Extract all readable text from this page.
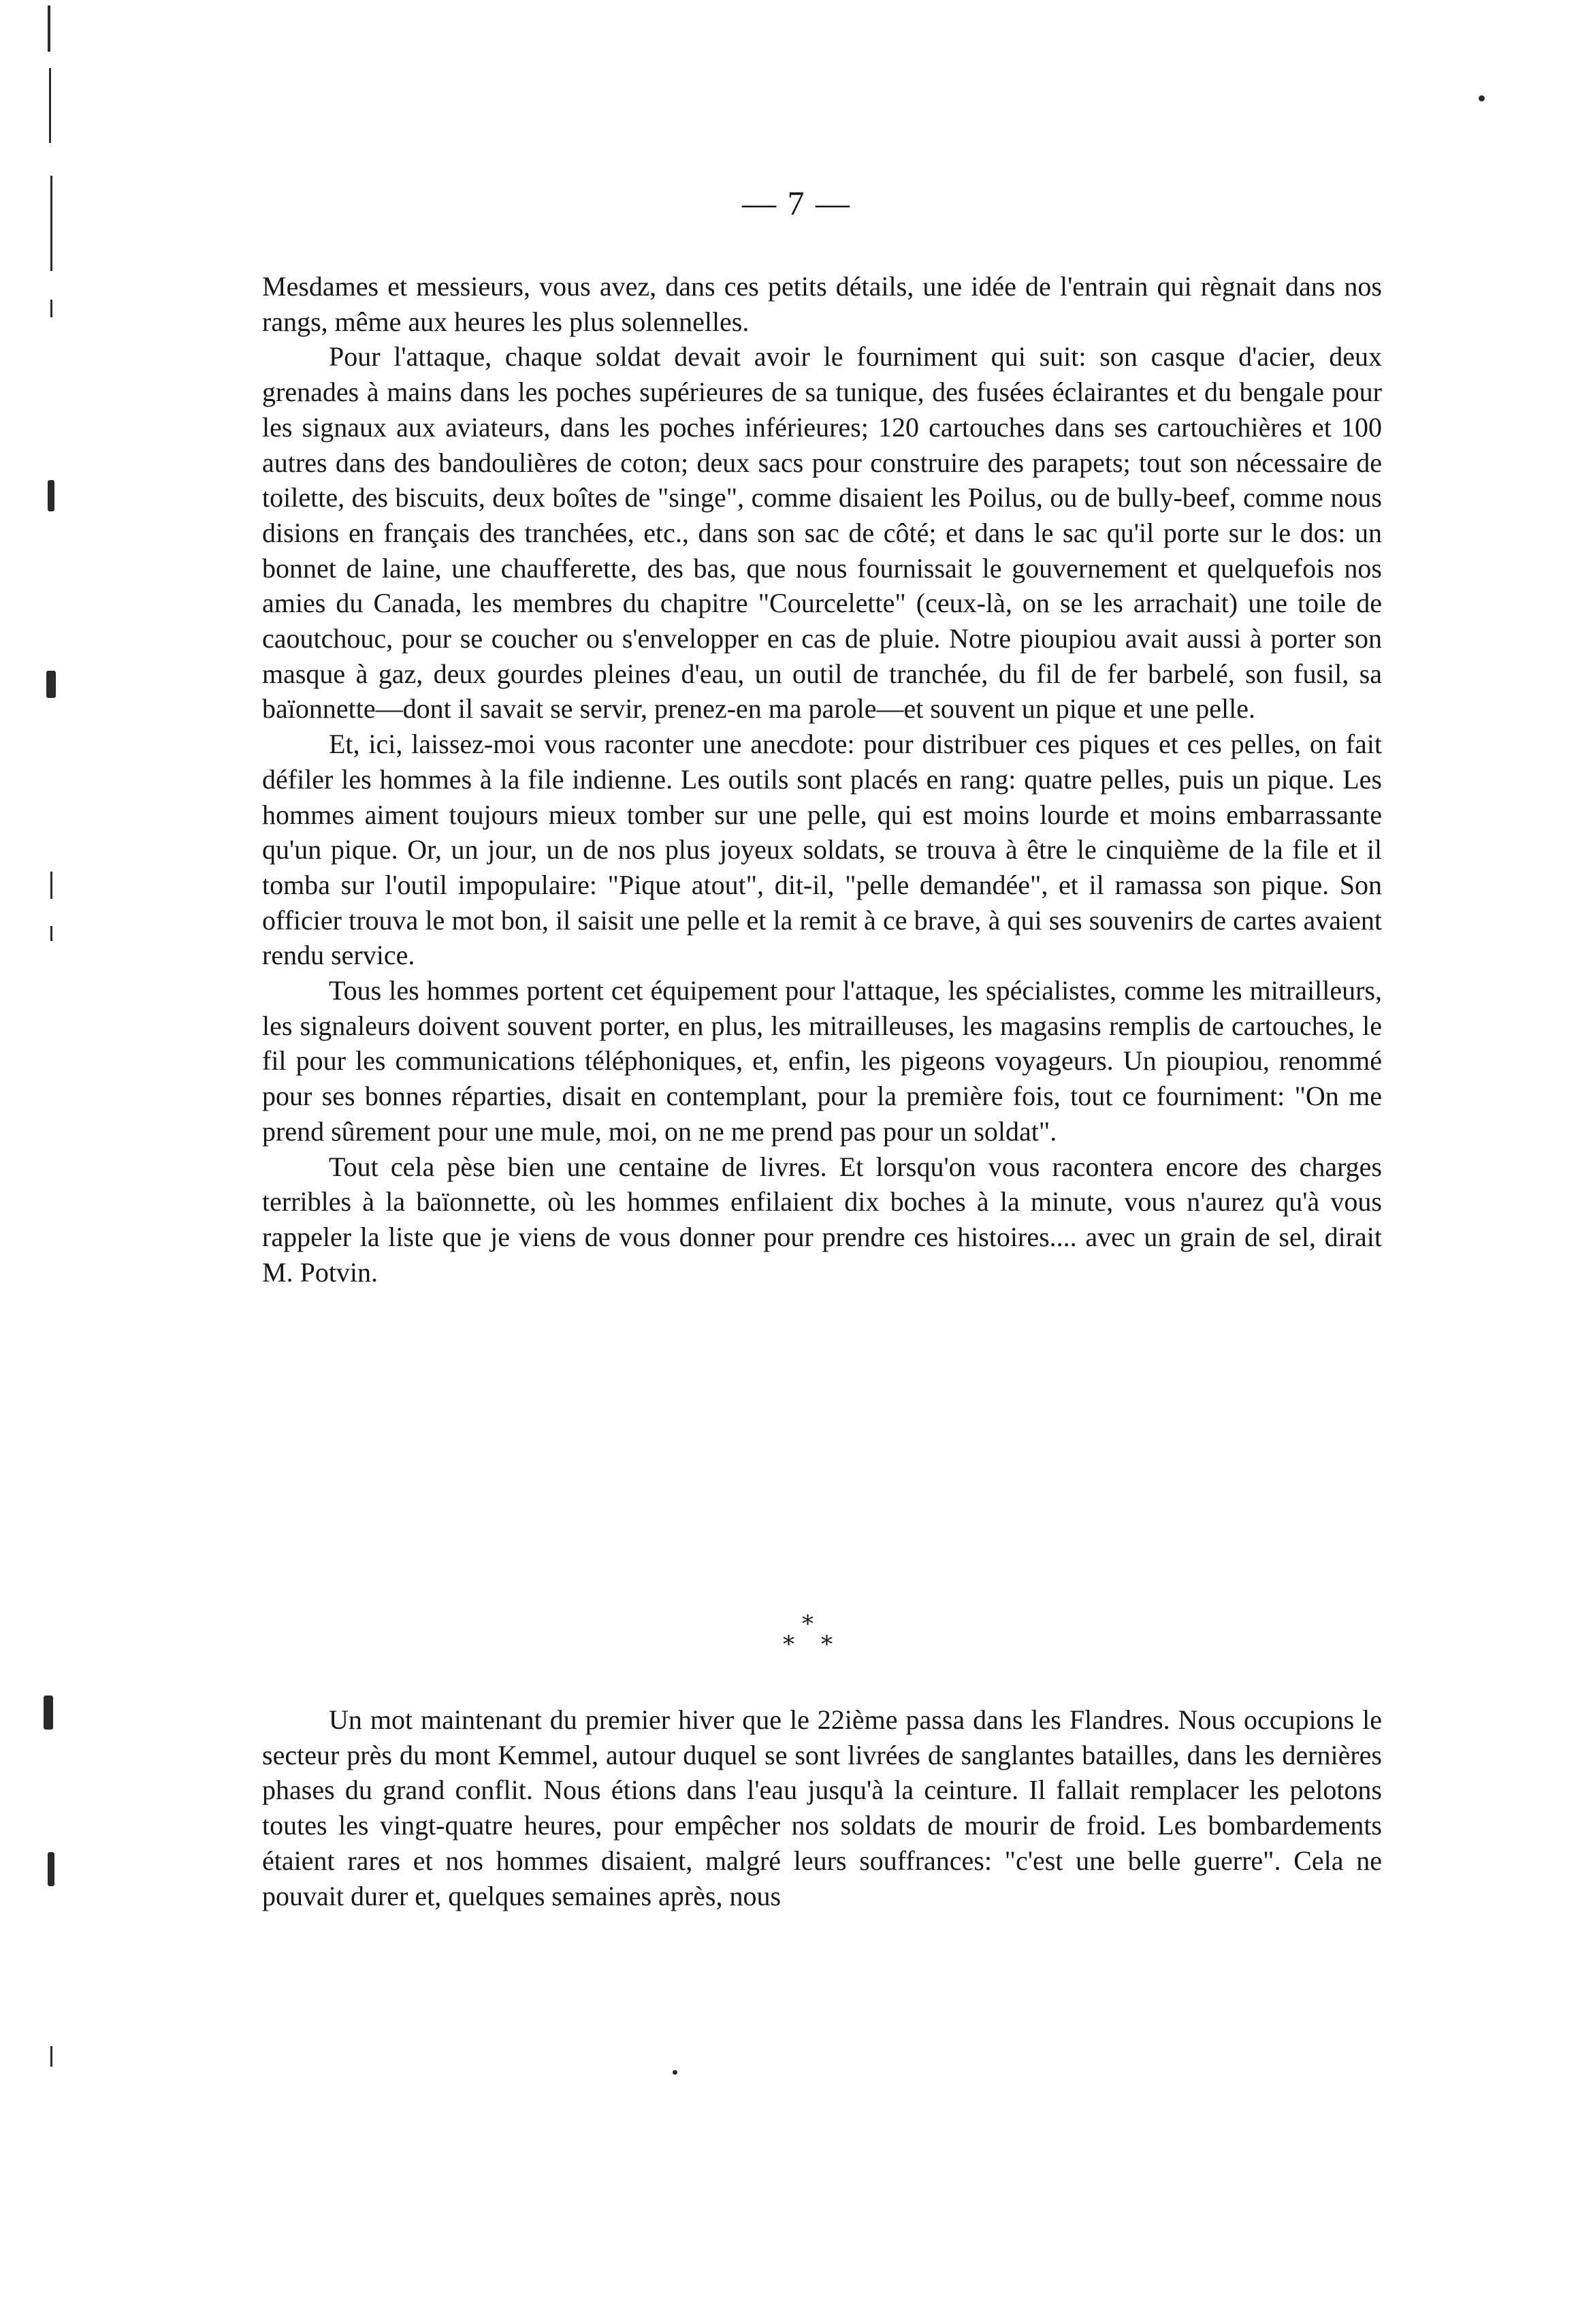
— 7 —

Mesdames et messieurs, vous avez, dans ces petits détails, une idée de l'entrain qui règnait dans nos rangs, même aux heures les plus solennelles.

Pour l'attaque, chaque soldat devait avoir le fourniment qui suit: son casque d'acier, deux grenades à mains dans les poches supérieures de sa tunique, des fusées éclairantes et du bengale pour les signaux aux aviateurs, dans les poches inférieures; 120 cartouches dans ses cartouchières et 100 autres dans des bandoulières de coton; deux sacs pour construire des parapets; tout son nécessaire de toilette, des biscuits, deux boîtes de "singe", comme disaient les Poilus, ou de bully-beef, comme nous disions en français des tranchées, etc., dans son sac de côté; et dans le sac qu'il porte sur le dos: un bonnet de laine, une chaufferette, des bas, que nous fournissait le gouvernement et quelquefois nos amies du Canada, les membres du chapitre "Courcelette" (ceux-là, on se les arrachait) une toile de caoutchouc, pour se coucher ou s'envelopper en cas de pluie. Notre pioupiou avait aussi à porter son masque à gaz, deux gourdes pleines d'eau, un outil de tranchée, du fil de fer barbelé, son fusil, sa baïonnette—dont il savait se servir, prenez-en ma parole—et souvent un pique et une pelle.

Et, ici, laissez-moi vous raconter une anecdote: pour distribuer ces piques et ces pelles, on fait défiler les hommes à la file indienne. Les outils sont placés en rang: quatre pelles, puis un pique. Les hommes aiment toujours mieux tomber sur une pelle, qui est moins lourde et moins embarrassante qu'un pique. Or, un jour, un de nos plus joyeux soldats, se trouva à être le cinquième de la file et il tomba sur l'outil impopulaire: "Pique atout", dit-il, "pelle demandée", et il ramassa son pique. Son officier trouva le mot bon, il saisit une pelle et la remit à ce brave, à qui ses souvenirs de cartes avaient rendu service.

Tous les hommes portent cet équipement pour l'attaque, les spécialistes, comme les mitrailleurs, les signaleurs doivent souvent porter, en plus, les mitrailleuses, les magasins remplis de cartouches, le fil pour les communications téléphoniques, et, enfin, les pigeons voyageurs. Un pioupiou, renommé pour ses bonnes réparties, disait en contemplant, pour la première fois, tout ce fourniment: "On me prend sûrement pour une mule, moi, on ne me prend pas pour un soldat".

Tout cela pèse bien une centaine de livres. Et lorsqu'on vous racontera encore des charges terribles à la baïonnette, où les hommes enfilaient dix boches à la minute, vous n'aurez qu'à vous rappeler la liste que je viens de vous donner pour prendre ces histoires.... avec un grain de sel, dirait M. Potvin.

*
* *

Un mot maintenant du premier hiver que le 22ième passa dans les Flandres. Nous occupions le secteur près du mont Kemmel, autour duquel se sont livrées de sanglantes batailles, dans les dernières phases du grand conflit. Nous étions dans l'eau jusqu'à la ceinture. Il fallait remplacer les pelotons toutes les vingt-quatre heures, pour empêcher nos soldats de mourir de froid. Les bombardements étaient rares et nos hommes disaient, malgré leurs souffrances: "c'est une belle guerre". Cela ne pouvait durer et, quelques semaines après, nous
